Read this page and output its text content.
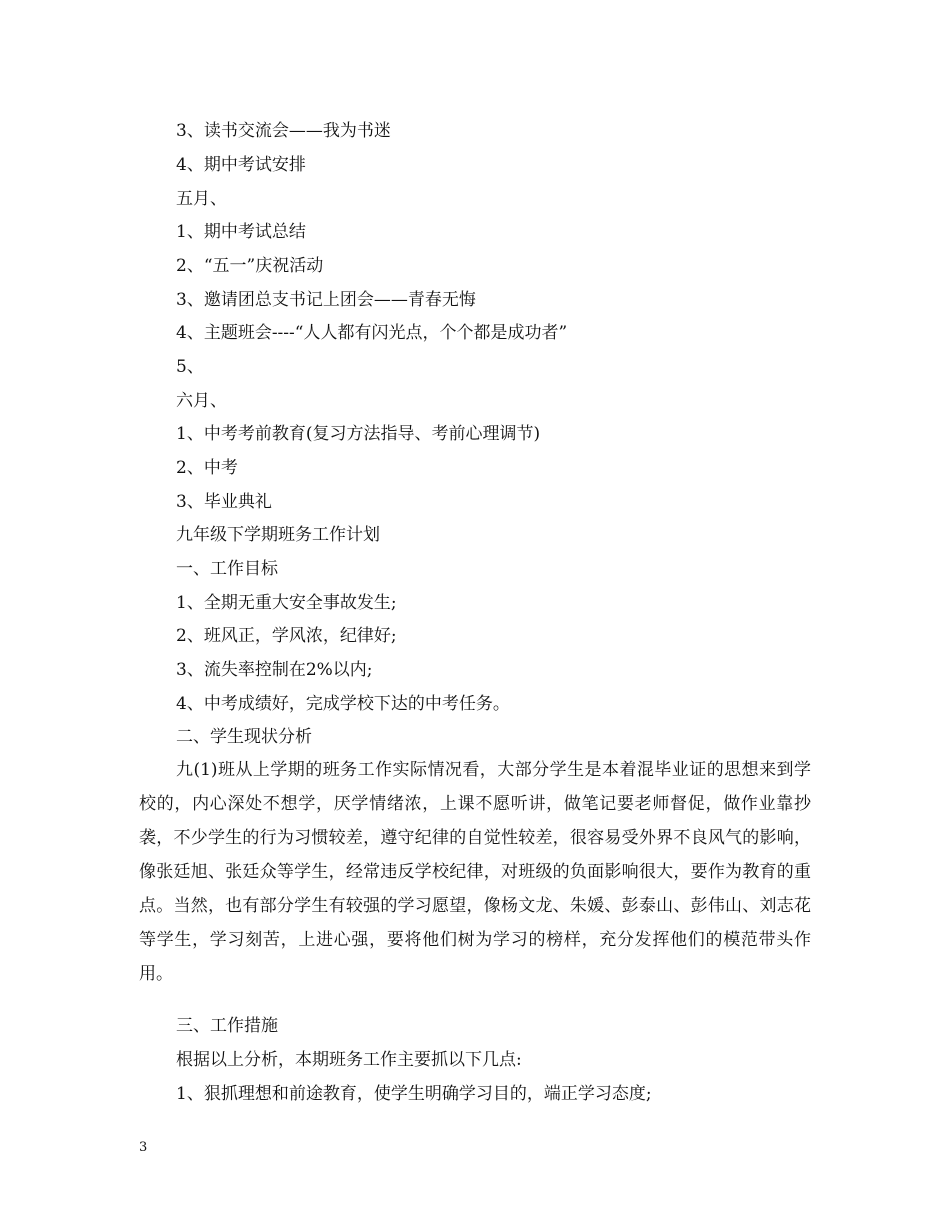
3、读书交流会——我为书迷
4、期中考试安排
五月、
1、期中考试总结
2、“五一”庆祝活动
3、邀请团总支书记上团会——青春无悔
4、主题班会----“人人都有闪光点，个个都是成功者”
5、
六月、
1、中考考前教育(复习方法指导、考前心理调节)
2、中考
3、毕业典礼
九年级下学期班务工作计划
一、工作目标
1、全期无重大安全事故发生;
2、班风正，学风浓，纪律好;
3、流失率控制在2%以内;
4、中考成绩好，完成学校下达的中考任务。
二、学生现状分析
九(1)班从上学期的班务工作实际情况看，大部分学生是本着混毕业证的思想来到学校的，内心深处不想学，厌学情绪浓，上课不愿听讲，做笔记要老师督促，做作业靠抄袭，不少学生的行为习惯较差，遵守纪律的自觉性较差，很容易受外界不良风气的影响，像张廷旭、张廷众等学生，经常违反学校纪律，对班级的负面影响很大，要作为教育的重点。当然，也有部分学生有较强的学习愿望，像杨文龙、朱媛、彭泰山、彭伟山、刘志花等学生，学习刻苦，上进心强，要将他们树为学习的榜样，充分发挥他们的模范带头作用。
三、工作措施
根据以上分析，本期班务工作主要抓以下几点:
1、狠抓理想和前途教育，使学生明确学习目的，端正学习态度;
3
